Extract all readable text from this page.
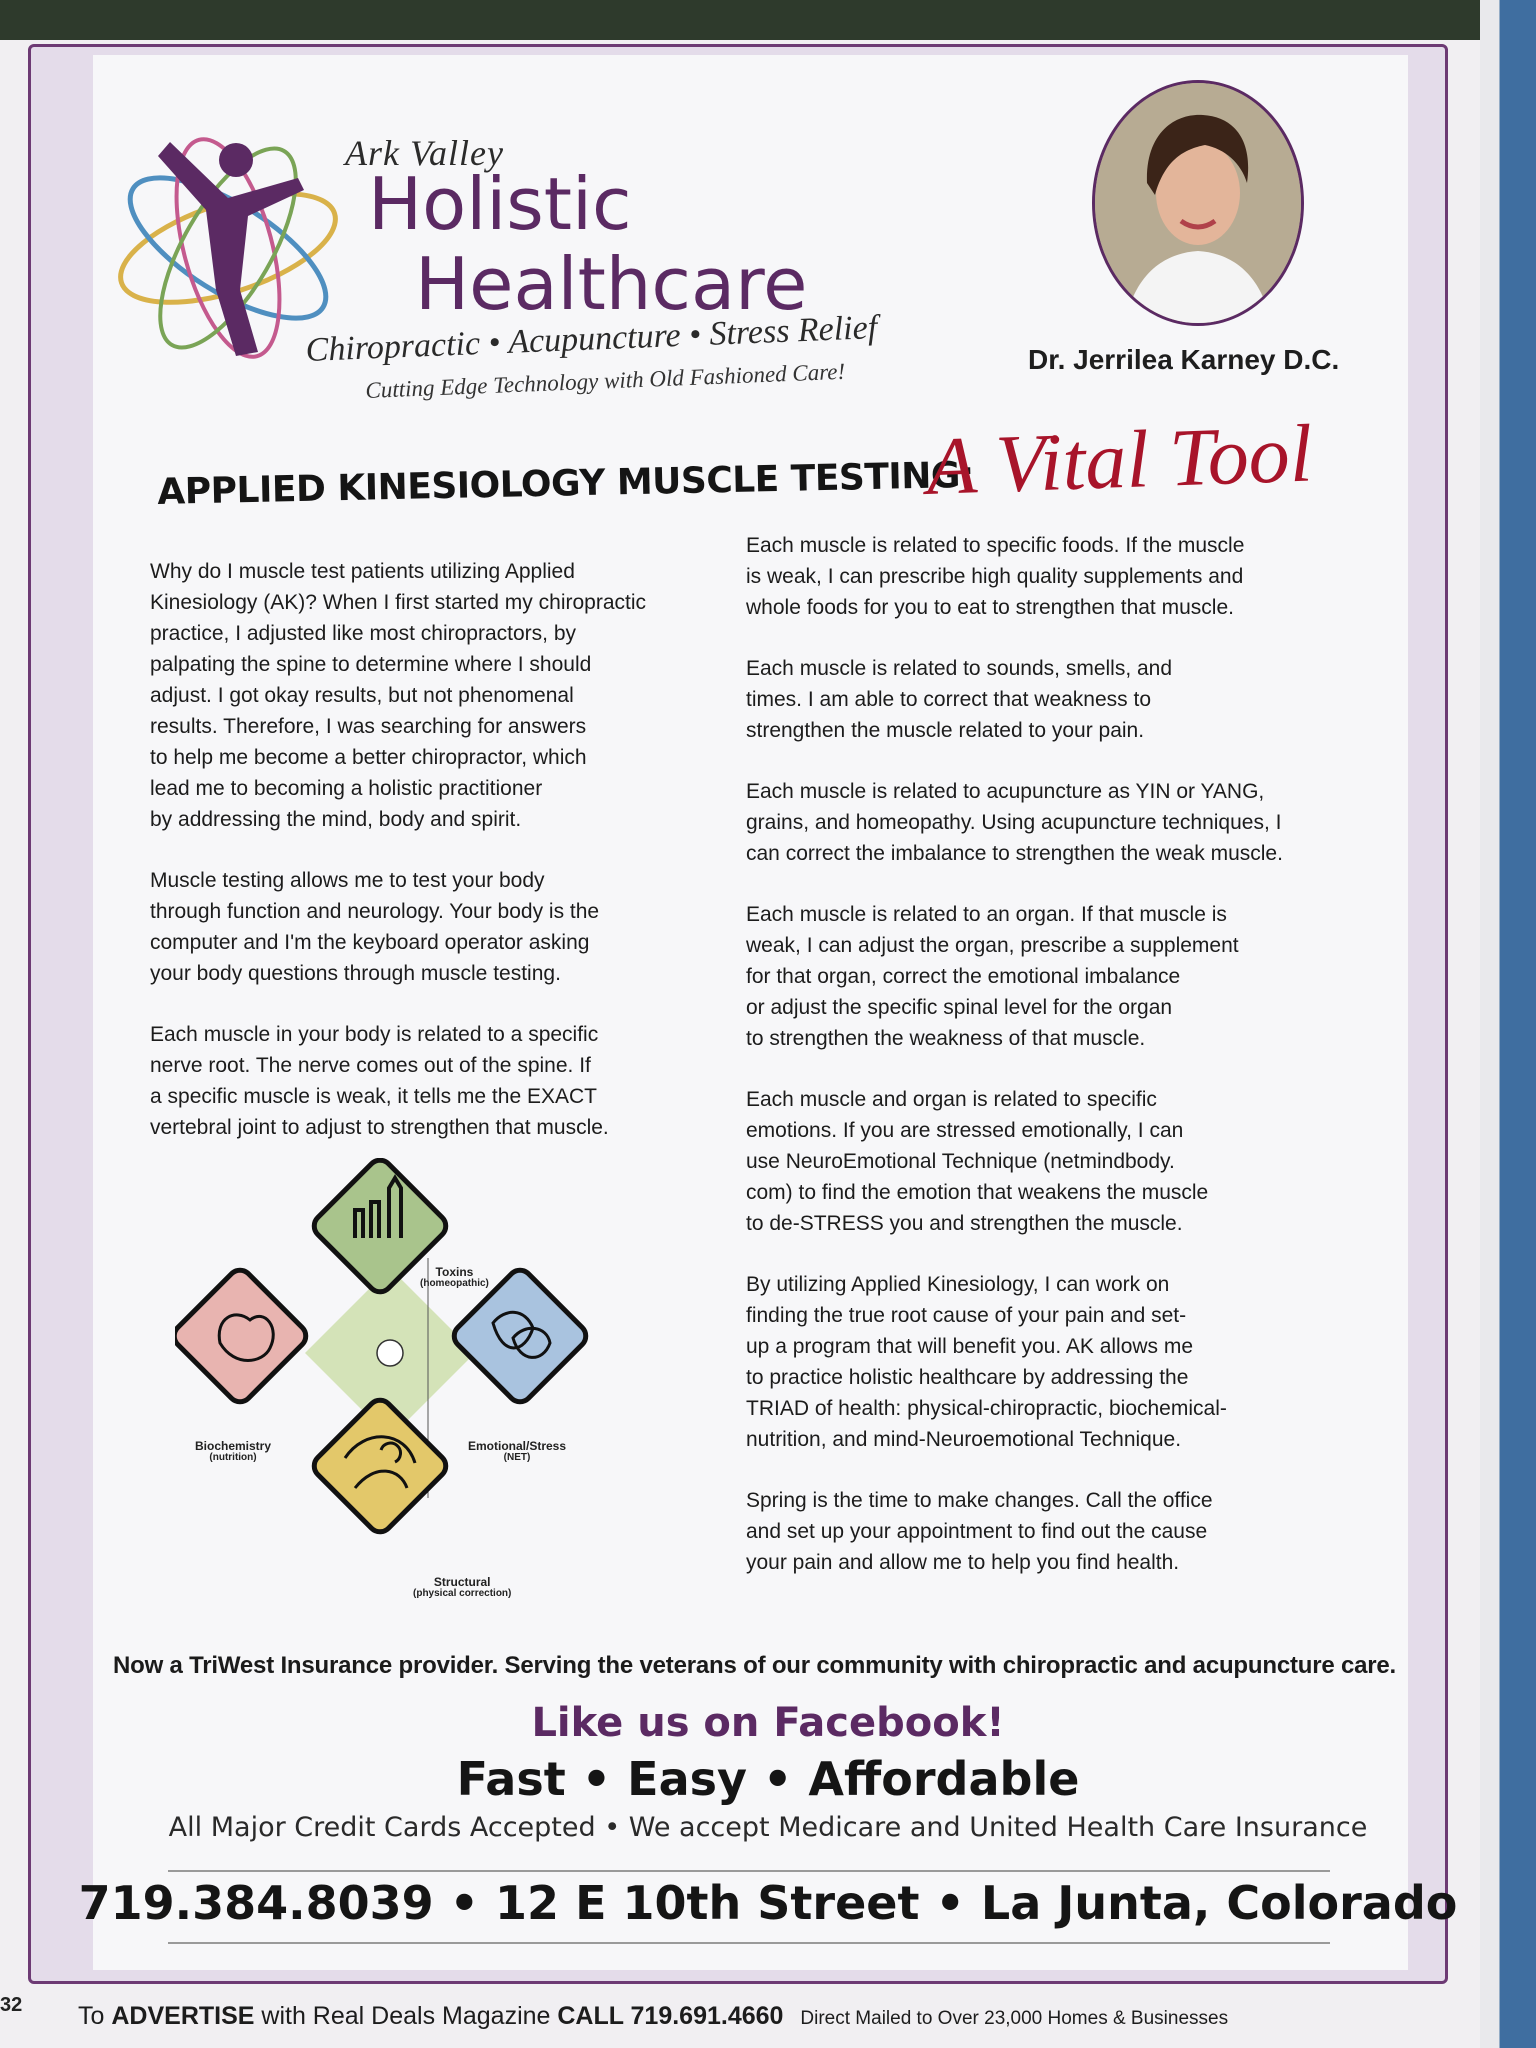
Ark Valley
Holistic
Healthcare
Chiropractic • Acupuncture • Stress Relief
Cutting Edge Technology with Old Fashioned Care!	Dr. Jerrilea Karney D.C.
APPLIED KINESIOLOGY MUSCLE TESTING:
A Vital Tool

Why do I muscle test patients utilizing Applied
Kinesiology (AK)? When I first started my chiropractic
practice, I adjusted like most chiropractors, by
palpating the spine to determine where I should
adjust. I got okay results, but not phenomenal
results. Therefore, I was searching for answers
to help me become a better chiropractor, which
lead me to becoming a holistic practitioner
by addressing the mind, body and spirit.

Muscle testing allows me to test your body
through function and neurology. Your body is the
computer and I'm the keyboard operator asking
your body questions through muscle testing.

Each muscle in your body is related to a specific
nerve root. The nerve comes out of the spine. If
a specific muscle is weak, it tells me the EXACT
vertebral joint to adjust to strengthen that muscle.

Each muscle is related to specific foods. If the muscle
is weak, I can prescribe high quality supplements and
whole foods for you to eat to strengthen that muscle.

Each muscle is related to sounds, smells, and
times. I am able to correct that weakness to
strengthen the muscle related to your pain.

Each muscle is related to acupuncture as YIN or YANG,
grains, and homeopathy. Using acupuncture techniques, I
can correct the imbalance to strengthen the weak muscle.

Each muscle is related to an organ. If that muscle is
weak, I can adjust the organ, prescribe a supplement
for that organ, correct the emotional imbalance
or adjust the specific spinal level for the organ
to strengthen the weakness of that muscle.

Each muscle and organ is related to specific
emotions. If you are stressed emotionally, I can
use NeuroEmotional Technique (netmindbody.
com) to find the emotion that weakens the muscle
to de-STRESS you and strengthen the muscle.

By utilizing Applied Kinesiology, I can work on
finding the true root cause of your pain and set-
up a program that will benefit you. AK allows me
to practice holistic healthcare by addressing the
TRIAD of health: physical-chiropractic, biochemical-
nutrition, and mind-Neuroemotional Technique.

Spring is the time to make changes. Call the office
and set up your appointment to find out the cause
your pain and allow me to help you find health.

Toxins
(homeopathic)
Biochemistry
(nutrition)
Emotional/Stress
(NET)
Structural
(physical correction)
Now a TriWest Insurance provider. Serving the veterans of our community with chiropractic and acupuncture care.
Like us on Facebook!
Fast • Easy • Affordable
All Major Credit Cards Accepted • We accept Medicare and United Health Care Insurance
719.384.8039 • 12 E 10th Street • La Junta, Colorado
32 To ADVERTISE with Real Deals Magazine CALL 719.691.4660 Direct Mailed to Over 23,000 Homes & Businesses
